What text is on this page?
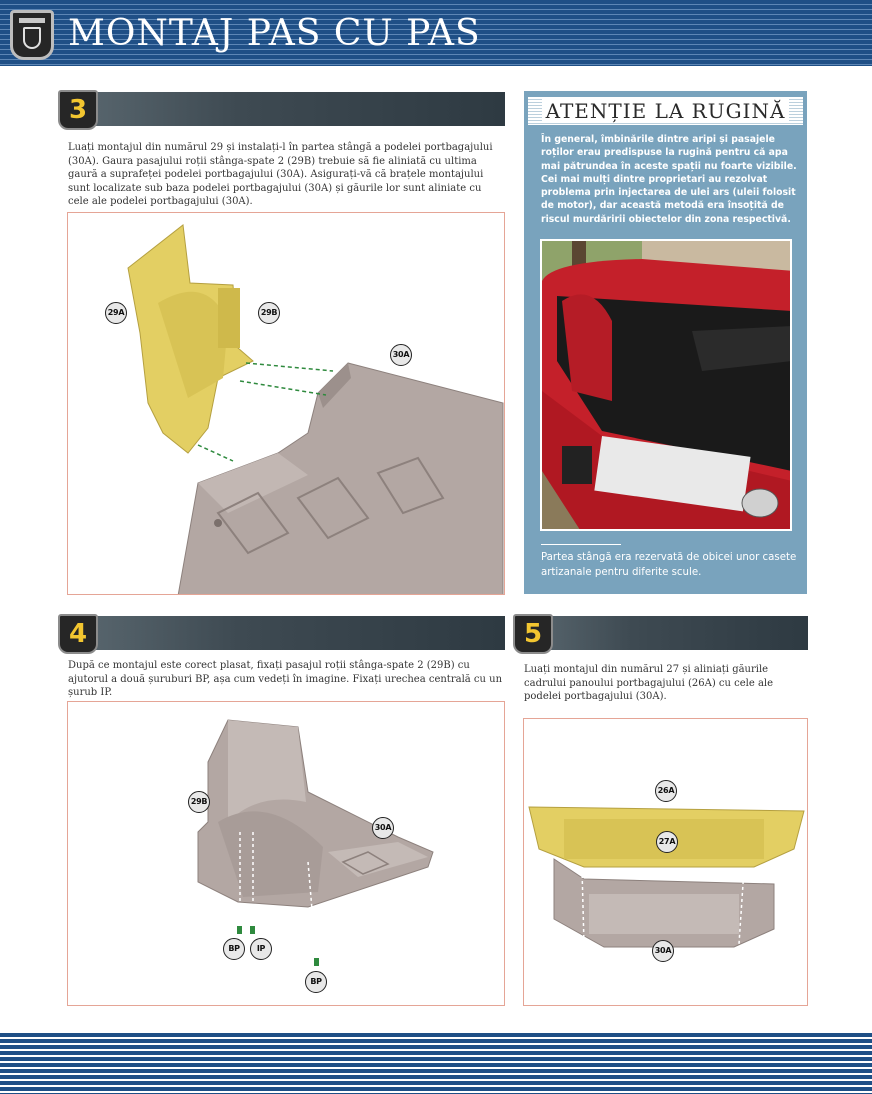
MONTAJ PAS CU PAS
3
Luați montajul din numărul 29 și instalați-l în partea stângă a podelei portbagajului (30A). Gaura pasajului roții stânga-spate 2 (29B) trebuie să fie aliniată cu ultima gaură a suprafeței podelei portbagajului (30A). Asigurați-vă că brațele montajului sunt localizate sub baza podelei portbagajului (30A) și găurile lor sunt aliniate cu cele ale podelei portbagajului (30A).
29A	29B
30A
ATENȚIE LA RUGINĂ
În general, îmbinările dintre aripi și pasajele roților erau predispuse la rugină pentru că apa mai pătrundea în aceste spații nu foarte vizibile. Cei mai mulți dintre proprietari au rezolvat problema prin injectarea de ulei ars (uleii folosit de motor), dar această metodă era însoțită de riscul murdăririi obiectelor din zona respectivă.
Partea stângă era rezervată de obicei unor casete artizanale pentru diferite scule.
4
După ce montajul este corect plasat, fixați pasajul roții stânga-spate 2 (29B) cu ajutorul a două șuruburi BP, așa cum vedeți în imagine. Fixați urechea centrală cu un șurub IP.
29B
30A
BP	IP
BP
5
Luați montajul din numărul 27 și aliniați găurile cadrului panoului portbagajului (26A) cu cele ale podelei portbagajului (30A).
26A
27A
30A
